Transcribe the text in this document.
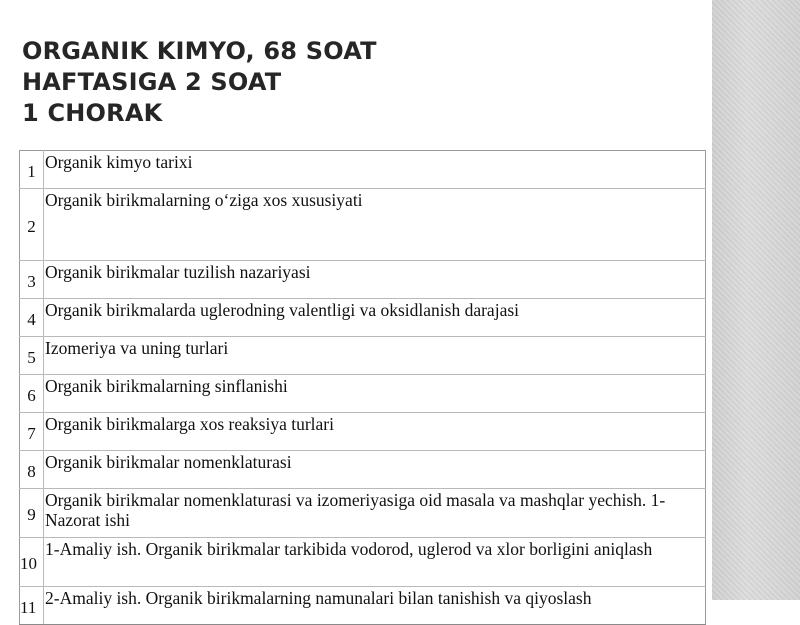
ORGANIK KIMYO, 68 SOAT
HAFTASIGA 2 SOAT
1 CHORAK
1	Organik kimyo tarixi
2	Organik birikmalarning o‘ziga xos xususiyati
3	Organik birikmalar tuzilish nazariyasi
4	Organik birikmalarda uglerodning valentligi va oksidlanish darajasi
5	Izomeriya va uning turlari
6	Organik birikmalarning sinflanishi
7	Organik birikmalarga xos reaksiya turlari
8	Organik birikmalar nomenklaturasi
9	Organik birikmalar nomenklaturasi va izomeriyasiga oid masala va mashqlar yechish. 1-Nazorat ishi
10	1-Amaliy ish. Organik birikmalar tarkibida vodorod, uglerod va xlor borligini aniqlash
11	2-Amaliy ish. Organik birikmalarning namunalari bilan tanishish va qiyoslash
